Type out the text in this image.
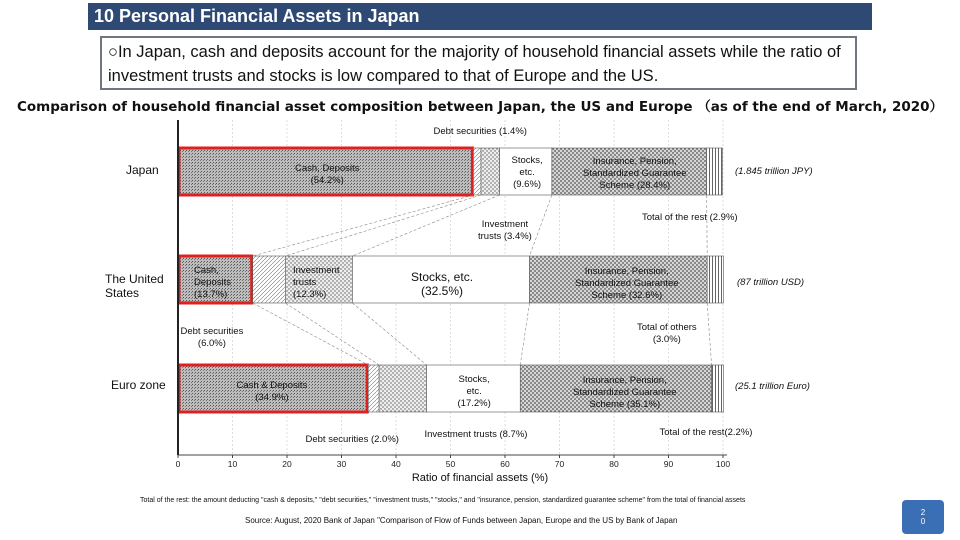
10 Personal Financial Assets in Japan
○In Japan, cash and deposits account for the majority of household financial assets while the ratio of investment trusts and stocks is low compared to that of Europe and the US.
Comparison of household financial asset composition between Japan, the US and Europe （as of the end of March, 2020）
0	10	20	30	40	50	60	70	80	90	100
Cash, Deposits
(54.2%)
Debt securities (1.4%)
Investment
trusts (3.4%)
Stocks,
etc.
(9.6%)
Insurance, Pension,
Standardized Guarantee
Scheme (28.4%)
Total of the rest (2.9%)
(1.845 trillion JPY)
Japan
Cash,
Deposits
(13.7%)
Debt securities
(6.0%)
Investment
trusts
(12.3%)
Stocks, etc.
(32.5%)
Insurance, Pension,
Standardized Guarantee
Scheme (32.6%)
Total of others
(3.0%)
(87 trillion USD)
The United
States
Cash & Deposits
(34.9%)
Debt securities (2.0%)	Investment trusts (8.7%)
Stocks,
etc.
(17.2%)
Insurance, Pension,
Standardized Guarantee
Scheme (35.1%)
Total of the rest(2.2%)
(25.1 trillion Euro)
Euro zone
Ratio of financial assets (%)
Total of the rest: the amount deducting "cash & deposits," "debt securities," "investment trusts," "stocks," and "insurance, pension, standardized guarantee scheme" from the total of financial assets
Source: August, 2020 Bank of Japan "Comparison of Flow of Funds between Japan, Europe and the US by Bank of Japan
2
0
